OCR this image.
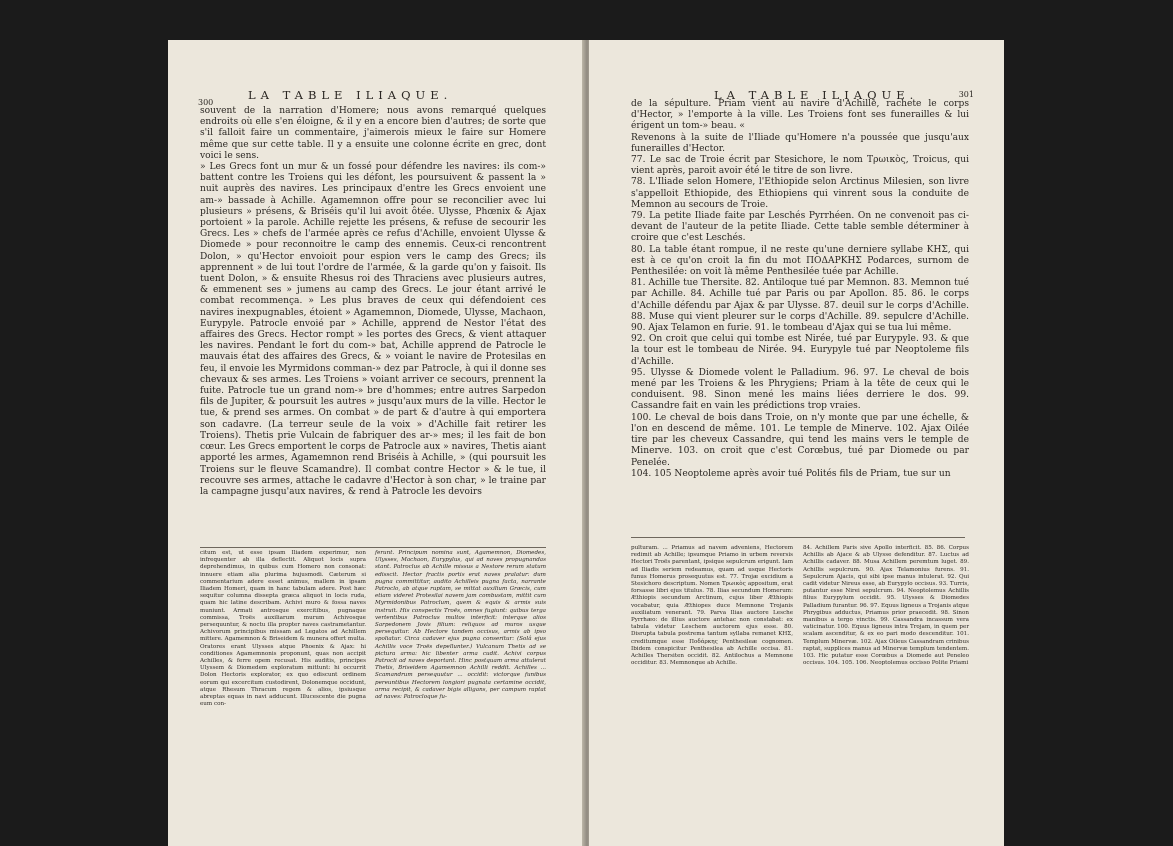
300
LA TABLE ILIAQUE.

souvent de la narration d'Homere; nous avons remarqué quelques endroits où elle s'en éloigne, & il y en a encore bien d'autres; de sorte que s'il falloit faire un commentaire, j'aimerois mieux le faire sur Homere même que sur cette table. Il y a ensuite une colonne écrite en grec, dont voici le sens.

» Les Grecs font un mur & un fossé pour défendre les navires: ils com-» battent contre les Troiens qui les défont, les poursuivent & passent la » nuit auprès des navires. Les principaux d'entre les Grecs envoient une am-» bassade à Achille. Agamemnon offre pour se reconcilier avec lui plusieurs » présens, & Briséis qu'il lui avoit ôtée. Ulysse, Phœnix & Ajax portoient » la parole. Achille rejette les présens, & refuse de secourir les Grecs. Les » chefs de l'armée après ce refus d'Achille, envoient Ulysse & Diomede » pour reconnoitre le camp des ennemis. Ceux-ci rencontrent Dolon, » qu'Hector envoioit pour espion vers le camp des Grecs; ils apprennent » de lui tout l'ordre de l'armée, & la garde qu'on y faisoit. Ils tuent Dolon, » & ensuite Rhesus roi des Thraciens avec plusieurs autres, & emmenent ses » jumens au camp des Grecs. Le jour étant arrivé le combat recommença. » Les plus braves de ceux qui défendoient ces navires inexpugnables, étoient » Agamemnon, Diomede, Ulysse, Machaon, Eurypyle. Patrocle envoié par » Achille, apprend de Nestor l'état des affaires des Grecs. Hector rompt » les portes des Grecs, & vient attaquer les navires. Pendant le fort du com-» bat, Achille apprend de Patrocle le mauvais état des affaires des Grecs, & » voiant le navire de Protesilas en feu, il envoie les Myrmidons comman-» dez par Patrocle, à qui il donne ses chevaux & ses armes. Les Troiens » voiant arriver ce secours, prennent la fuite. Patrocle tue un grand nom-» bre d'hommes; entre autres Sarpedon fils de Jupiter, & poursuit les autres » jusqu'aux murs de la ville. Hector le tue, & prend ses armes. On combat » de part & d'autre à qui emportera son cadavre. (La terreur seule de la voix » d'Achille fait retirer les Troiens). Thetis prie Vulcain de fabriquer des ar-» mes; il les fait de bon cœur. Les Grecs emportent le corps de Patrocle aux » navires, Thetis aiant apporté les armes, Agamemnon rend Briséis à Achille, » (qui poursuit les Troiens sur le fleuve Scamandre). Il combat contre Hector » & le tue, il recouvre ses armes, attache le cadavre d'Hector à son char, » le traine par la campagne jusqu'aux navires, & rend à Patrocle les devoirs

citum est, ut esse ipsam Iliadem experimur, non infrequenter ab illa deflectit. Aliquot locis supra deprehendimus, in quibus cum Homero non consonat: innuere etiam alia plurima hujusmodi. Cæterum si commentarium adere esset animus, mallem in ipsam Iliadem Homeri, quam in hanc tabulam adere. Post hæc sequitur columna dissepta græca aliquot in locis ruda, quam hic latine describam. Achivi muro & fossa naves muniunt. Armati antrosque exercitibus, pugnaque commissa, Troës auxiliarum murum Achivosque persequuntur, & noctu illa propter naves castrametantur. Achivorum principibus missam ad Legatos ad Achillem mittere. Agamemnon & Briseidem & munera offert multa. Oratores erant Ulysses atque Phoenix & Ajax: hi conditiones Agamemnonis proponunt, quas non accipit Achilles, & ferre opem recusat. His auditis, principes Ulyssem & Diomedem exploratum mittunt: hi occurrit Dolon Hectoris explorator, ex quo ediscunt ordinem eorum qui excercitum custodirent, Dolonemque occidunt, atque Rhesum Thracum regem & alios, ipsiusque abreptas equas in navi adducunt. Illucescente die pugna eum con-

ferunt. Principum nomina sunt, Agamemnon, Diomedes, Ulysses, Machaon, Eurypylus, qui ad naves propugnandas stant. Patroclus ab Achille missus a Nestore rerum statum edisscit. Hector fractis portis erat naves pralatur: dum pugna committitur, audito Achilleis pugna facta, narrante Patroclo, ab atque ruptam, se mittat auxilium Græcis, cum etiam videret Protesilai navem jam combustam, mittit cum Myrmidonibus Patroclum, quem & equis & armis suis instruit. His conspectis Troës, omnes fugiunt: quibus terga vertentibus Patroclus multos interficit: interque alios Sarpedonem Jovis filium: reliquos ad muros usque persequitur. Ab Hectore tandem occisus, armis ab ipso spoliatur. Circa cadaver ejus pugna conseritur: (Solâ ejus Achillis voce Troës depellunter.) Vulcanum Thetis ad se pictura arma: hic libenter arma cudit. Achivi corpus Patrocli ad naves deportant. Hinc postquam arma attulerat Thetis, Briseidem Agamemnon Achilli reddit. Achilles ... Scamandrum persequutur ... occidit: victorque funibus pereuntibus Hectorem longiori pugnata certamine occidit, arma recipit, & cadaver bigis alligans, per campum raptat ad naves: Patrocloque fu-

LA TABLE ILIAQUE.	301

de la sépulture. Priam vient au navire d'Achille, rachete le corps d'Hector, » l'emporte à la ville. Les Troiens font ses funerailles & lui érigent un tom-» beau. «

Revenons à la suite de l'Iliade qu'Homere n'a poussée que jusqu'aux funerailles d'Hector.

77. Le sac de Troie écrit par Stesichore, le nom Τρωικὸς, Troicus, qui vient après, paroit avoir été le titre de son livre.

78. L'Iliade selon Homere, l'Ethiopide selon Arctinus Milesien, son livre s'appelloit Ethiopide, des Ethiopiens qui vinrent sous la conduite de Memnon au secours de Troie.

79. La petite Iliade faite par Leschés Pyrrhéen. On ne convenoit pas ci-devant de l'auteur de la petite Iliade. Cette table semble déterminer à croire que c'est Leschés.

80. La table étant rompue, il ne reste qu'une derniere syllabe ΚΗΣ, qui est à ce qu'on croit la fin du mot ΠΟΔΑΡΚΗΣ Podarces, surnom de Penthesilée: on voit là même Penthesilée tuée par Achille.

81. Achille tue Thersite. 82. Antiloque tué par Memnon. 83. Memnon tué par Achille. 84. Achille tué par Paris ou par Apollon. 85. 86. le corps d'Achille défendu par Ajax & par Ulysse. 87. deuil sur le corps d'Achille. 88. Muse qui vient pleurer sur le corps d'Achille. 89. sepulcre d'Achille. 90. Ajax Telamon en furie. 91. le tombeau d'Ajax qui se tua lui même.

92. On croit que celui qui tombe est Nirée, tué par Eurypyle. 93. & que la tour est le tombeau de Nirée. 94. Eurypyle tué par Neoptoleme fils d'Achille.

95. Ulysse & Diomede volent le Palladium. 96. 97. Le cheval de bois mené par les Troiens & les Phrygiens; Priam à la tête de ceux qui le conduisent. 98. Sinon mené les mains liées derriere le dos. 99. Cassandre fait en vain les prédictions trop vraies.

100. Le cheval de bois dans Troie, on n'y monte que par une échelle, & l'on en descend de même. 101. Le temple de Minerve. 102. Ajax Oilée tire par les cheveux Cassandre, qui tend les mains vers le temple de Minerve. 103. on croit que c'est Corœbus, tué par Diomede ou par Penelée.

104. 105 Neoptoleme après avoir tué Polités fils de Priam, tue sur un

pulturam. ... Priamus ad navem adveniens, Hectorem redimit ab Achille; ipsumque Priamo in urbem reversis Hectori Troës parentant, ipsique sepulcrum erigunt. Iam ad Iliadis seriem redeamus, quam ad usque Hectoris funus Homerus prosequutus est. 77. Trojæ excidium a Stesichoro descriptum. Nomen Τρωικὸς appositum, erat forsasse libri ejus titulus. 78. Ilias secundum Homerum: Æthiopis secundum Arctinum, cujus liber Æthiopis vocabatur, quia Æthiopes duce Memnone Trojanis auxiliatum venerant. 79. Parva Ilias auctore Lesche Pyrrhæo: de illius auctore antehac non constabat: ex tabula videtur Leschem auctorem ejus esse. 80. Disrupta tabula postrema tantum syllaba remanet ΚΗΣ, creditumque esse Ποδάρκης Penthesileæ cognomen. Ibidem conspicitur Penthesilea ab Achille occisa. 81. Achilles Thersiten occidit. 82. Antilochus a Memnone occiditur. 83. Memnonque ab Achille.

84. Achillem Paris sive Apollo interficit. 85. 86. Corpus Achillis ab Ajace & ab Ulysse defenditur. 87. Luctus ad Achillis cadaver. 88. Musa Achillem peremtum luget. 89. Achillis sepulcrum. 90. Ajax Telamonius furens. 91. Sepulcrum Ajacis, qui sibi ipse manus intulerat. 92. Qui cadit videtur Nireus esse, ab Eurypylo occisus. 93. Turris, putantur esse Nirei sepulcrum. 94. Neoptolemus Achillis filius Eurypylum occidit. 95. Ulysses & Diomedes Palladium furantur. 96. 97. Equus ligneus a Trojanis atque Phrygibus adductus, Priamus prior praecedit. 98. Sinon manibus a tergo vinctis. 99. Cassandra incassum vera vaticinatur. 100. Equus ligneus intra Trojam, in quem per scalam ascenditur, & ex eo pari modo descenditur. 101. Templum Minervæ. 102. Ajax Oileus Cassandram crinibus raptat, supplices manus ad Minervæ templum tendentem. 103. Hic putatur esse Corœbus a Diomede aut Peneleo occisus. 104. 105. 106. Neoptolemus occisso Polite Priami
